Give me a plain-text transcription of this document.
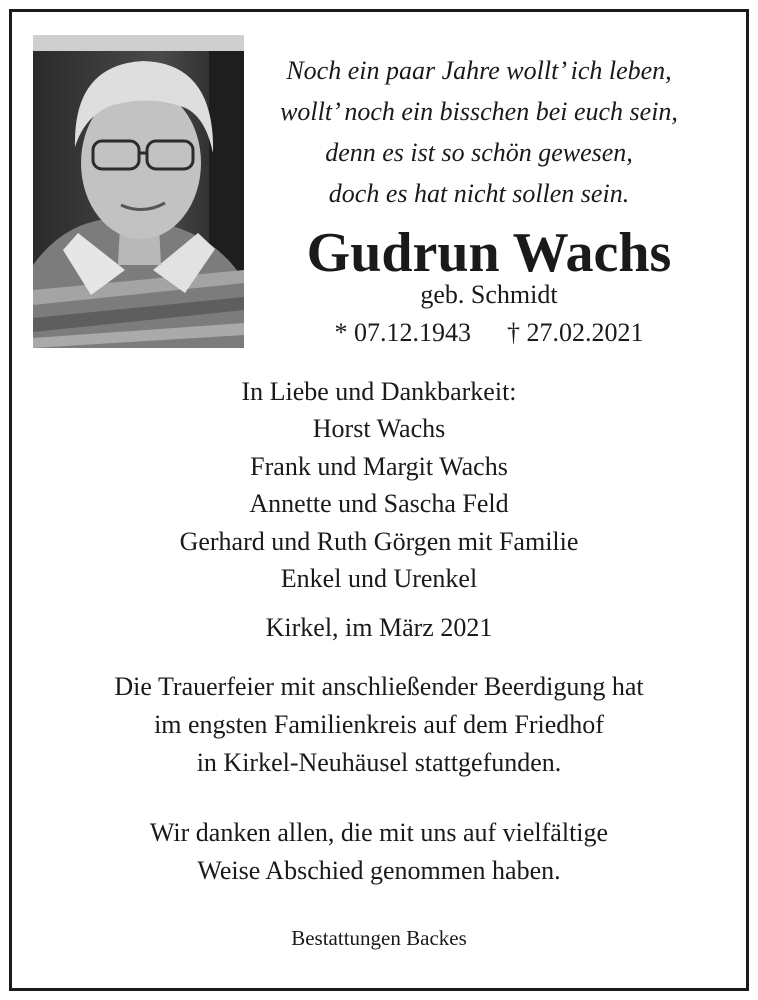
Noch ein paar Jahre wollt’ ich leben,
wollt’ noch ein bisschen bei euch sein,
denn es ist so schön gewesen,
doch es hat nicht sollen sein.
Gudrun Wachs
geb. Schmidt
* 07.12.1943 † 27.02.2021
In Liebe und Dankbarkeit:
Horst Wachs
Frank und Margit Wachs
Annette und Sascha Feld
Gerhard und Ruth Görgen mit Familie
Enkel und Urenkel
Kirkel, im März 2021
Die Trauerfeier mit anschließender Beerdigung hat
im engsten Familienkreis auf dem Friedhof
in Kirkel-Neuhäusel stattgefunden.
Wir danken allen, die mit uns auf vielfältige
Weise Abschied genommen haben.
Bestattungen Backes
